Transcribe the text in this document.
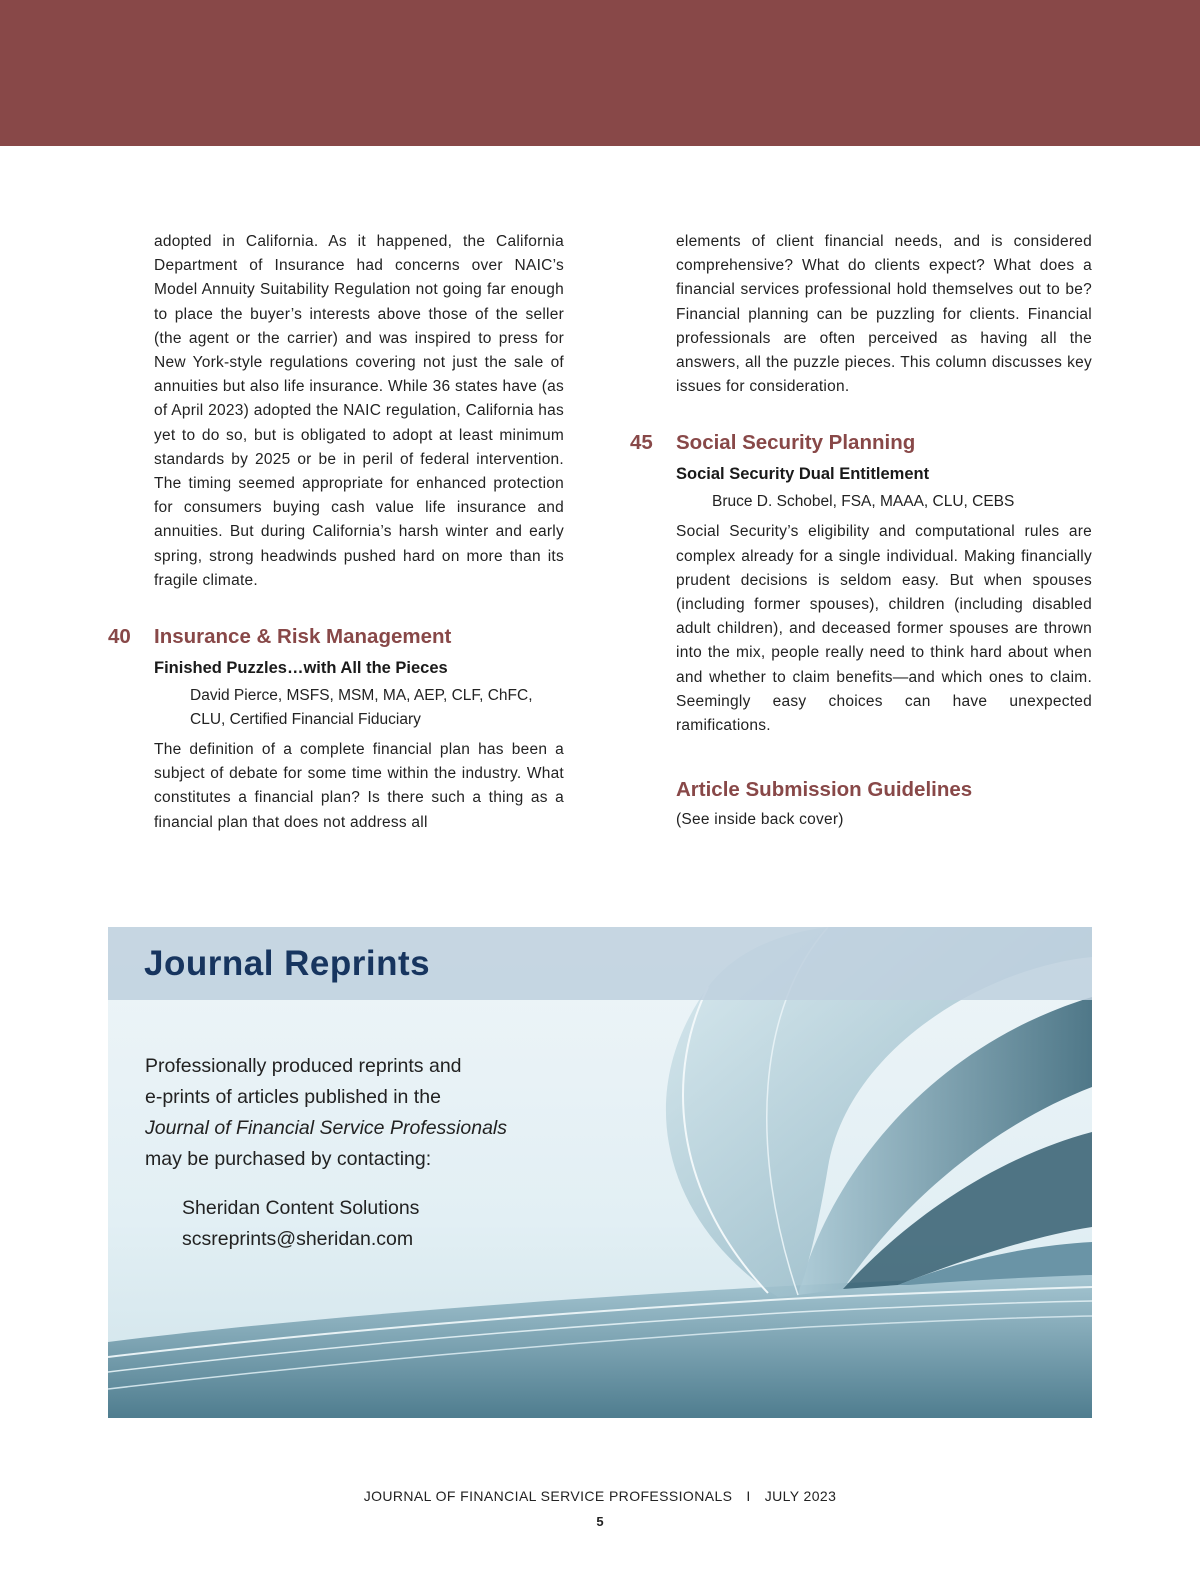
adopted in California. As it happened, the California Department of Insurance had concerns over NAIC’s Model Annuity Suitability Regulation not going far enough to place the buyer’s interests above those of the seller (the agent or the carrier) and was inspired to press for New York-style regulations covering not just the sale of annuities but also life insurance. While 36 states have (as of April 2023) adopted the NAIC regulation, California has yet to do so, but is obligated to adopt at least minimum standards by 2025 or be in peril of federal intervention. The timing seemed appropriate for enhanced protection for consumers buying cash value life insurance and annuities. But during California’s harsh winter and early spring, strong headwinds pushed hard on more than its fragile climate.

40 Insurance & Risk Management
Finished Puzzles…with All the Pieces
David Pierce, MSFS, MSM, MA, AEP, CLF, ChFC,
CLU, Certified Financial Fiduciary

The definition of a complete financial plan has been a subject of debate for some time within the industry. What constitutes a financial plan? Is there such a thing as a financial plan that does not address all

elements of client financial needs, and is considered comprehensive? What do clients expect? What does a financial services professional hold themselves out to be? Financial planning can be puzzling for clients. Financial professionals are often perceived as having all the answers, all the puzzle pieces. This column discusses key issues for consideration.

45 Social Security Planning
Social Security Dual Entitlement
Bruce D. Schobel, FSA, MAAA, CLU, CEBS

Social Security’s eligibility and computational rules are complex already for a single individual. Making financially prudent decisions is seldom easy. But when spouses (including former spouses), children (including disabled adult children), and deceased former spouses are thrown into the mix, people really need to think hard about when and whether to claim benefits—and which ones to claim. Seemingly easy choices can have unexpected ramifications.

Article Submission Guidelines

(See inside back cover)

Journal Reprints
Professionally produced reprints and
e-prints of articles published in the
Journal of Financial Service Professionals
may be purchased by contacting:
Sheridan Content Solutions
scsreprints@sheridan.com
JOURNAL OF FINANCIAL SERVICE PROFESSIONALS I JULY 2023
5
